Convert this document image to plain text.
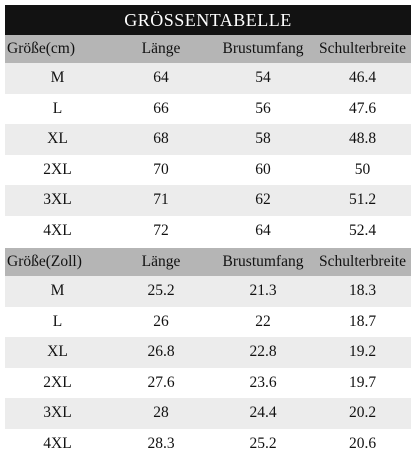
GRÖSSENTABELLE
Größe(cm)	Länge	Brustumfang	Schulterbreite
M	64	54	46.4
L	66	56	47.6
XL	68	58	48.8
2XL	70	60	50
3XL	71	62	51.2
4XL	72	64	52.4
Größe(Zoll)	Länge	Brustumfang	Schulterbreite
M	25.2	21.3	18.3
L	26	22	18.7
XL	26.8	22.8	19.2
2XL	27.6	23.6	19.7
3XL	28	24.4	20.2
4XL	28.3	25.2	20.6
